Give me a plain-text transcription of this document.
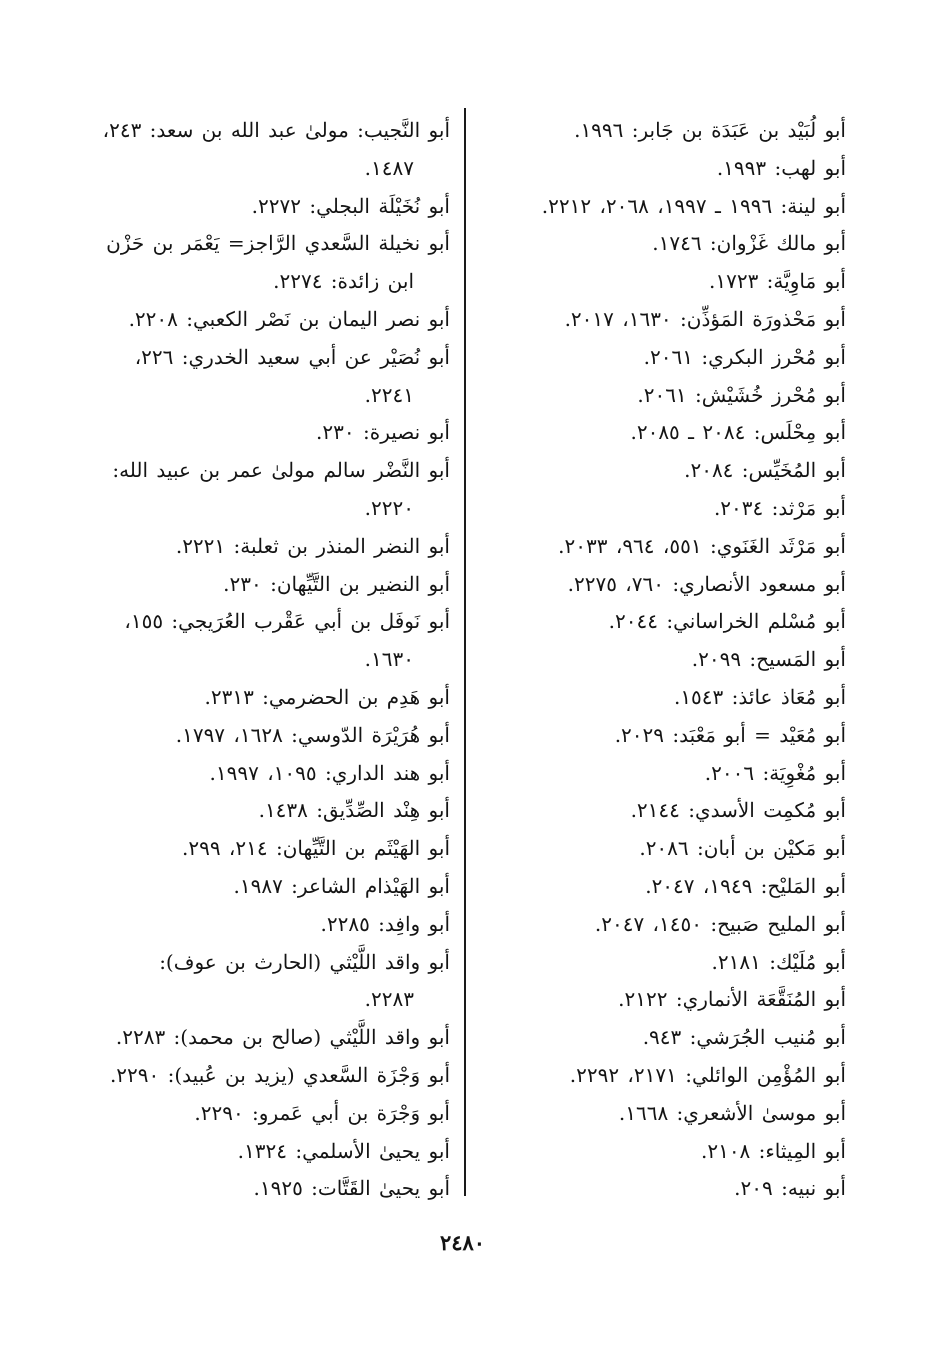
أبو لُبَيْد بن عَبَدَة بن جَابر: ١٩٩٦.
أبو لهب: ١٩٩٣.
أبو لينة: ١٩٩٦ ـ ١٩٩٧، ٢٠٦٨، ٢٢١٢.
أبو مالك غَزْوان: ١٧٤٦.
أبو مَاوِيَّة: ١٧٢٣.
أبو مَحْذورَة المَؤذِّن: ١٦٣٠، ٢٠١٧.
أبو مُحْرز البكري: ٢٠٦١.
أبو مُحْرز خُشَيْش: ٢٠٦١.
أبو مِحْلَس: ٢٠٨٤ ـ ٢٠٨٥.
أبو المُخَيِّس: ٢٠٨٤.
أبو مَرْثد: ٢٠٣٤.
أبو مَرْثَد الغَنَوي: ٥٥١، ٩٦٤، ٢٠٣٣.
أبو مسعود الأنصاري: ٧٦٠، ٢٢٧٥.
أبو مُسْلم الخراساني: ٢٠٤٤.
أبو المَسيح: ٢٠٩٩.
أبو مُعَاذ عائذ: ١٥٤٣.
أبو مُعَيْد = أبو مَعْبَد: ٢٠٢٩.
أبو مُغْوِيَة: ٢٠٠٦.
أبو مُكمِت الأسدي: ٢١٤٤.
أبو مَكيْن بن أبان: ٢٠٨٦.
أبو المَليْح: ١٩٤٩، ٢٠٤٧.
أبو المليح صَبيح: ١٤٥٠، ٢٠٤٧.
أبو مُلَيْك: ٢١٨١.
أبو المُنَقَّعَة الأنماري: ٢١٢٢.
أبو مُنيب الجُرَشي: ٩٤٣.
أبو المُؤْمِن الوائلي: ٢١٧١، ٢٢٩٢.
أبو موسىٰ الأشعري: ١٦٦٨.
أبو المِيثاء: ٢١٠٨.
أبو نبيه: ٢٠٩.
أبو النَّجيب: مولىٰ عبد الله بن سعد: ٢٤٣،
١٤٨٧.
أبو نُخَيْلَة البجلي: ٢٢٧٢.
أبو نخيلة السَّعدي الرَّاجز= يَعْمَر بن حَزْن
ابن زائدة: ٢٢٧٤.
أبو نصر اليمان بن نَصْر الكعبي: ٢٢٠٨.
أبو نُصَيْر عن أبي سعيد الخدري: ٢٢٦،
٢٢٤١.
أبو نصيرة: ٢٣٠.
أبو النَّضْر سالم مولىٰ عمر بن عبيد الله:
٢٢٢٠.
أبو النضر المنذر بن ثعلبة: ٢٢٢١.
أبو النضير بن التَّيِّهان: ٢٣٠.
أبو نَوفَل بن أبي عَقْرب العُرَيجي: ١٥٥،
١٦٣٠.
أبو هَدِم بن الحضرمي: ٢٣١٣.
أبو هُرَيْرَة الدّوسي: ١٦٢٨، ١٧٩٧.
أبو هند الداري: ١٠٩٥، ١٩٩٧.
أبو هِنْد الصِّدِّيق: ١٤٣٨.
أبو الهَيْثَم بن التَّيِّهان: ٢١٤، ٢٩٩.
أبو الهَيْذام الشاعر: ١٩٨٧.
أبو وافِد: ٢٢٨٥.
أبو واقد اللَّيْثي (الحارث بن عوف):
٢٢٨٣.
أبو واقد اللَّيْثي (صالح بن محمد): ٢٢٨٣.
أبو وَجْزَة السَّعدي (يزيد بن عُبيد): ٢٢٩٠.
أبو وَجْرَة بن أبي عَمرو: ٢٢٩٠.
أبو يحيىٰ الأسلمي: ١٣٢٤.
أبو يحيىٰ القَتَّات: ١٩٢٥.
٢٤٨٠
